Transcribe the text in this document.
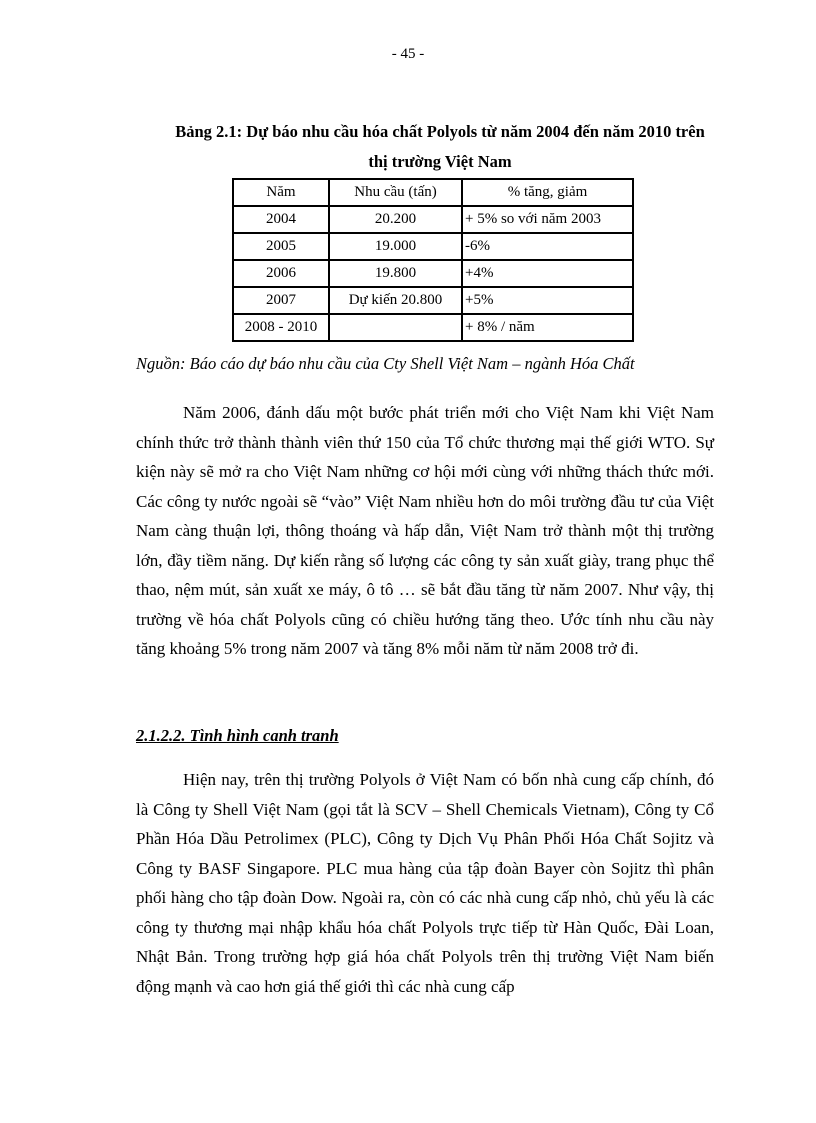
- 45 -
Bảng 2.1: Dự báo nhu cầu hóa chất Polyols từ năm 2004 đến năm 2010 trên
thị trường Việt Nam
Năm	Nhu cầu (tấn)	% tăng, giảm
2004	20.200	+ 5% so với năm 2003
2005	19.000	-6%
2006	19.800	+4%
2007	Dự kiến 20.800	+5%
2008 - 2010		+ 8% / năm
Nguồn: Báo cáo dự báo nhu cầu của Cty Shell Việt Nam – ngành Hóa Chất

Năm 2006, đánh dấu một bước phát triển mới cho Việt Nam khi Việt Nam chính thức trở thành thành viên thứ 150 của Tổ chức thương mại thế giới WTO. Sự kiện này sẽ mở ra cho Việt Nam những cơ hội mới cùng với những thách thức mới. Các công ty nước ngoài sẽ “vào” Việt Nam nhiều hơn do môi trường đầu tư của Việt Nam càng thuận lợi, thông thoáng và hấp dẫn, Việt Nam trở thành một thị trường lớn, đầy tiềm năng. Dự kiến rằng số lượng các công ty sản xuất giày, trang phục thể thao, nệm mút, sản xuất xe máy, ô tô … sẽ bắt đầu tăng từ năm 2007. Như vậy, thị trường về hóa chất Polyols cũng có chiều hướng tăng theo. Ước tính nhu cầu này tăng khoảng 5% trong năm 2007 và tăng 8% mỗi năm từ năm 2008 trở đi.

2.1.2.2. Tình hình canh tranh

Hiện nay, trên thị trường Polyols ở Việt Nam có bốn nhà cung cấp chính, đó là Công ty Shell Việt Nam (gọi tắt là SCV – Shell Chemicals Vietnam), Công ty Cổ Phần Hóa Dầu Petrolimex (PLC), Công ty Dịch Vụ Phân Phối Hóa Chất Sojitz và Công ty BASF Singapore. PLC mua hàng của tập đoàn Bayer còn Sojitz thì phân phối hàng cho tập đoàn Dow. Ngoài ra, còn có các nhà cung cấp nhỏ, chủ yếu là các công ty thương mại nhập khẩu hóa chất Polyols trực tiếp từ Hàn Quốc, Đài Loan, Nhật Bản. Trong trường hợp giá hóa chất Polyols trên thị trường Việt Nam biến động mạnh và cao hơn giá thế giới thì các nhà cung cấp
